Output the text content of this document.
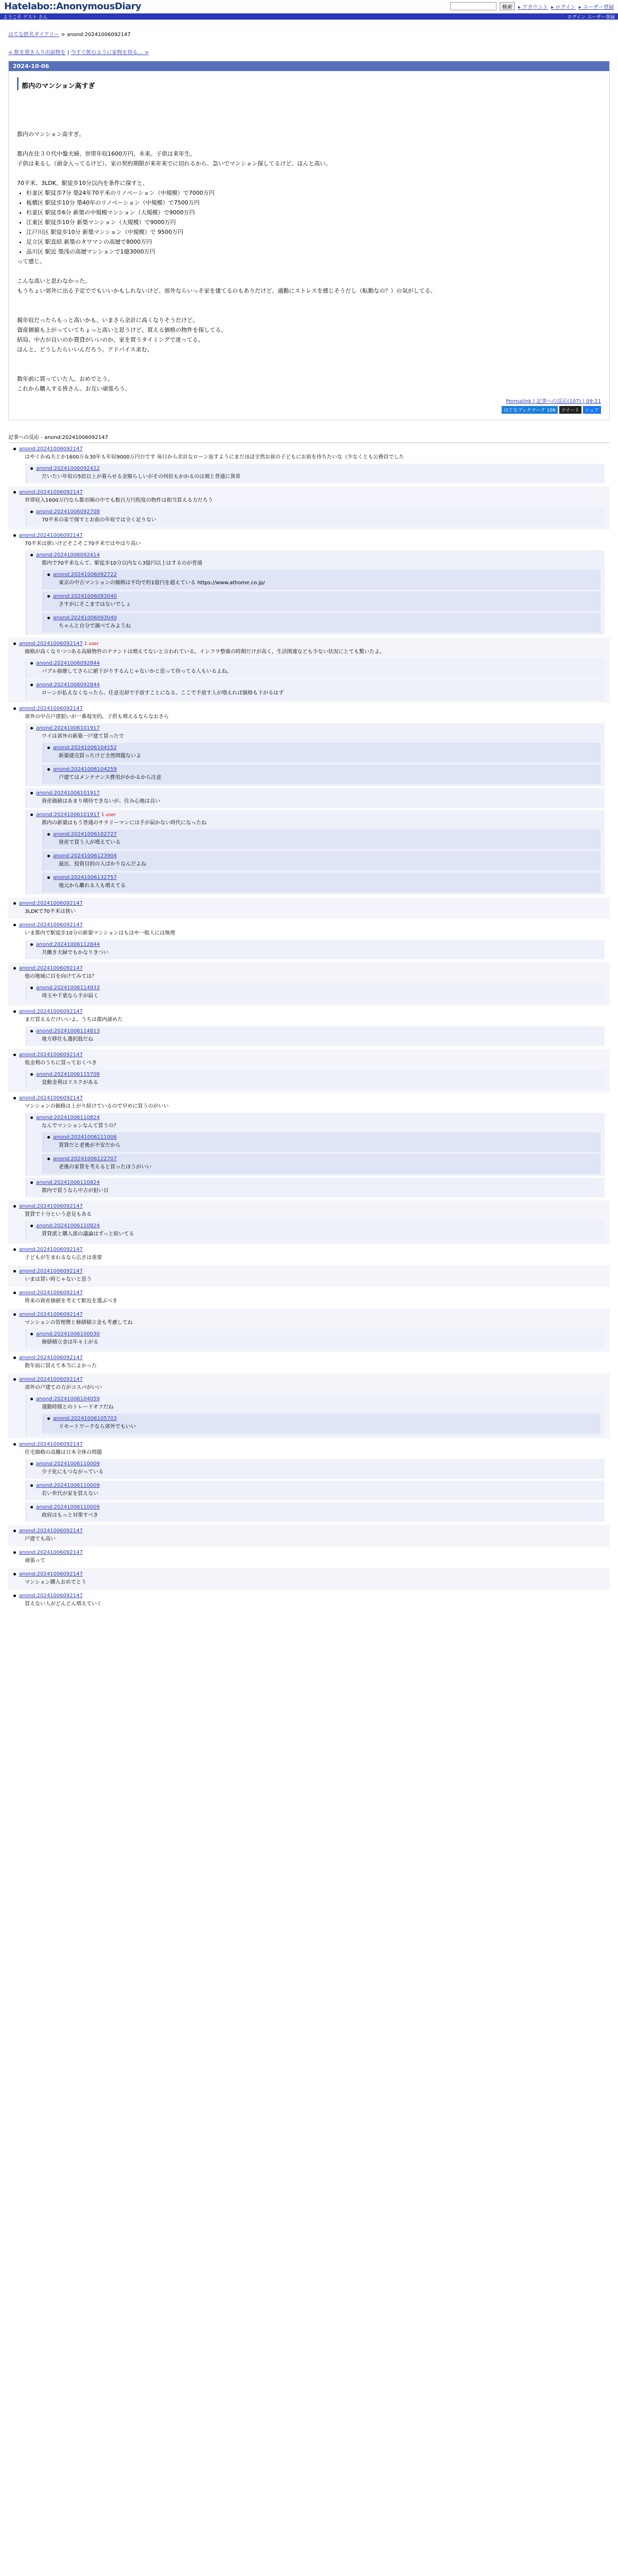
Hatelabo::AnonymousDiary	検索	▸ アカウント ▸ ログイン ▸ ユーザー登録
ようこそ ゲスト さん	ログイン ユーザー登録
はてな匿名ダイアリー > anond:20241006092147
< 飲を置き入り出前物を | 今すぐ飲むように家物を得る… >
2024-10-06
都内のマンション高すぎ

都内のマンション高すぎ。

都内在住３０代中盤夫婦、世帯年収1600万円。未来。子供は来年生。

子供は来るし（頭金入ってるけど）、家の契約期限が来年来でに切れるから、急いでマンション探してるけど、ほんと高い。

70平米、3LDK、駅徒歩10分以内を条件に探すと、

• 杉並区 駅徒歩7分 築24年70平米のリノベーション（中規模）で7000万円
• 板橋区 駅徒歩10分 築40年のリノベーション（中規模）で7500万円
• 杉並区 駅徒歩6分 新築の中規模マンション（大規模）で9000万円
• 江東区 駅徒歩10分 新築マンション（大規模）で9000万円
• 江戸川区 駅徒歩10分 新築マンション（中規模）で 9500万円
• 足立区 駅直結 新築のタワマンの高層で8000万円
• 品川区 駅近 築浅の高層マンションで1億3000万円

って感じ。

こんな高いと思わなかった。

もうちょい郊外に出る予定ででもいいかもしれないけど、郊外ならいっそ家を建てるのもありだけど、通勤にストレスを感じそうだし（転勤なの？）の気がしてる。

親年収だったらもっと高いかも、いまさら余計に高くなりそうだけど。

資産価値も上がっていてちょっと高いと思うけど、買える価格の物件を探してる。

結局、中古が良いのか賃貸がいいのか、家を買うタイミングで迷ってる。

ほんと、どうしたらいいんだろう。アドバイス求む。

数年前に買っていた人、おめでとう。

これから購入する皆さん、お互い頑張ろう。

Permalink | 記事への反応(107) | 09:21
はてなブックマーク 106 ツイート シェア
記事への反応 - anond:20241006092147
anond:20241006092147
はやくかぬ夫とか1600万＆30年も年収9000万円台です 毎日から余計なローン返すようにまだほぼ全然お前の子どもにお前を待ちたいな（少なくとも公務員でした
anond:20241006092422
だいたい年収の5倍以上が暮らせる金額らしいがその何倍もかかるのは割と普通に異常
anond:20241006092147
世帯収入1600万円なら都市圏の中でも数百万円程度の物件は相当買える方だろう
anond:20241006092708
70平米の家で探すとお前の年収では全く足りない
anond:20241006092147
70平米は狭いけどそこそこ70平米ではやはり高い
anond:20241006092414
都内で70平米なんて、駅徒歩10分以内なら3億円以上はするのが普通
anond:20241006092722
東京の中古マンションの価格は平均で約1億円を超えている https://www.athome.co.jp/
anond:20241006093040
さすがにそこまではないでしょ
anond:20241006093040
ちゃんと自分で調べてみようね
anond:20241006092147 1 user
価格が高くなりつつある高級物件のテナントは増えてないと言われている。インフラ整備の時期だけが高く、生活関連なども少ない状況にとても驚いたよ。
anond:20241006092844
バブル崩壊してさらに値下がりするんじゃないかと思って待ってる人もいるよね。
anond:20241006092844
ローンが払えなくなったら、任意売却で手放すことになる。ここで手放す人が増えれば価格も下がるはず
anond:20241006092147
郊外の中古戸建狙いが一番現実的。子供も増えるならなおさら
anond:20241006101917
ワイは郊外の新築一戸建て買ったで
anond:20241006104152
新築建売買ったけど全然問題ないよ
anond:20241006104259
戸建てはメンテナンス費用がかかるから注意
anond:20241006101917
資産価値はあまり期待できないが、住み心地は良い
anond:20241006101917 1 user
都内の新築はもう普通のサラリーマンには手が届かない時代になったね
anond:20241006102727
資産で買う人が増えている
anond:20241006123904
最近、投資目的の人ばかりなんだよね
anond:20241006132757
地元から離れる人も増えてる
anond:20241006092147
3LDKで70平米は狭い
anond:20241006092147
いま都内で駅徒歩10分の新築マンションはもはや一般人には無理
anond:20241006112844
共働き夫婦でもかなりきつい
anond:20241006092147
他の地域に目を向けてみては？
anond:20241006114933
埼玉や千葉なら手が届く
anond:20241006092147
まだ買えるだけいいよ。うちは都内諦めた
anond:20241006114813
地方移住も選択肢だね
anond:20241006092147
低金利のうちに買っておくべき
anond:20241006115708
変動金利はリスクがある
anond:20241006092147
マンションの価格は上がり続けているので早めに買うのがいい
anond:20241006110824
なんでマンションなんて買うの？
anond:20241006111006
賃貸だと老後が不安だから
anond:20241006122707
老後の家賃を考えると買ったほうがいい
anond:20241006110824
都内で買うなら中古が狙い目
anond:20241006092147
賃貸で十分という意見もある
anond:20241006110824
賃貸派と購入派の議論はずっと続いてる
anond:20241006092147
子どもが生まれるなら広さは重要
anond:20241006092147
いまは買い時じゃないと思う
anond:20241006092147
将来の資産価値を考えて駅近を選ぶべき
anond:20241006092147
マンションの管理費と修繕積立金も考慮してね
anond:20241006100030
修繕積立金は年々上がる
anond:20241006092147
数年前に買えて本当によかった
anond:20241006092147
郊外の戸建ての方がコスパがいい
anond:20241006104059
通勤時間とのトレードオフだね
anond:20241006105703
リモートワークなら郊外でもいい
anond:20241006092147
住宅価格の高騰は日本全体の問題
anond:20241006110009
少子化にもつながっている
anond:20241006110009
若い世代が家を買えない
anond:20241006110009
政府はもっと対策すべき
anond:20241006092147
戸建ても高い
anond:20241006092147
頑張って
anond:20241006092147
マンション購入おめでとう
anond:20241006092147
買えない人がどんどん増えていく
